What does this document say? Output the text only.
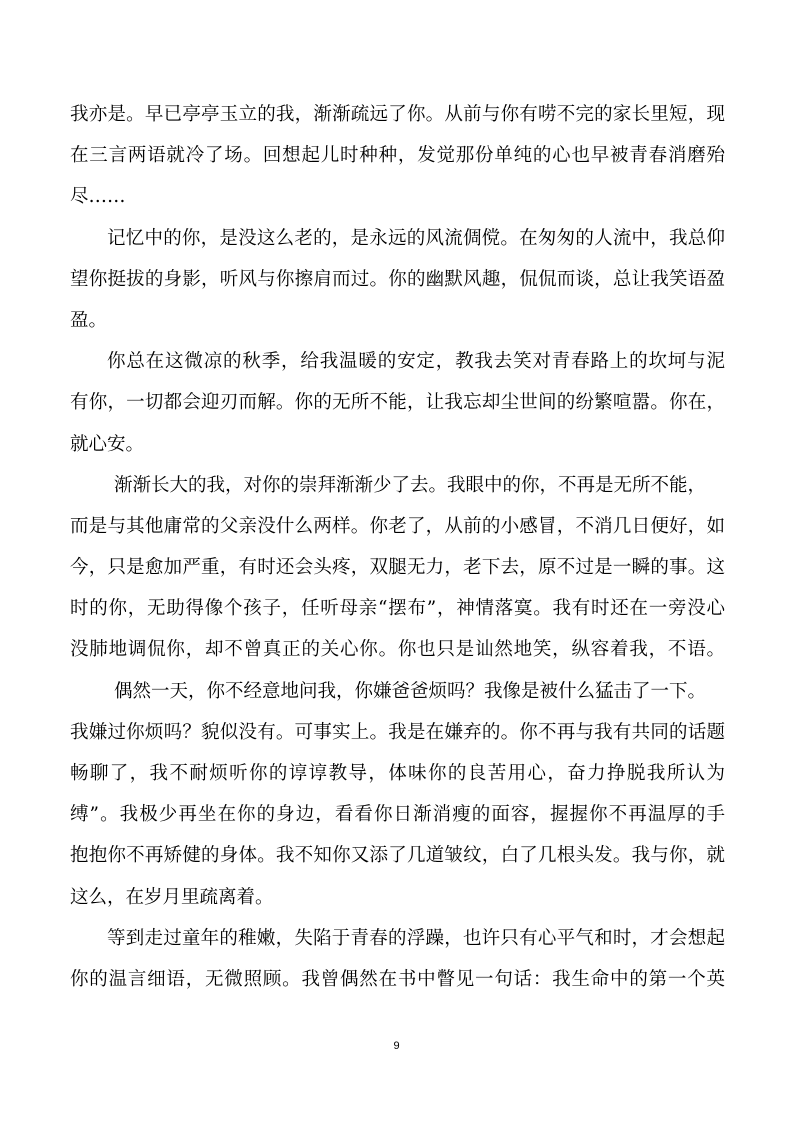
我亦是。早已亭亭玉立的我，渐渐疏远了你。从前与你有唠不完的家长里短，现
在三言两语就冷了场。回想起儿时种种，发觉那份单纯的心也早被青春消磨殆
尽……
记忆中的你，是没这么老的，是永远的风流倜傥。在匆匆的人流中，我总仰
望你挺拔的身影，听风与你擦肩而过。你的幽默风趣，侃侃而谈，总让我笑语盈
盈。
你总在这微凉的秋季，给我温暖的安定，教我去笑对青春路上的坎坷与泥
有你，一切都会迎刃而解。你的无所不能，让我忘却尘世间的纷繁喧嚣。你在，
就心安。
渐渐长大的我，对你的崇拜渐渐少了去。我眼中的你，不再是无所不能，
而是与其他庸常的父亲没什么两样。你老了，从前的小感冒，不消几日便好，如
今，只是愈加严重，有时还会头疼，双腿无力，老下去，原不过是一瞬的事。这
时的你，无助得像个孩子，任听母亲“摆布”，神情落寞。我有时还在一旁没心
没肺地调侃你，却不曾真正的关心你。你也只是讪然地笑，纵容着我，不语。
偶然一天，你不经意地问我，你嫌爸爸烦吗？我像是被什么猛击了一下。
我嫌过你烦吗？貌似没有。可事实上。我是在嫌弃的。你不再与我有共同的话题
畅聊了，我不耐烦听你的谆谆教导，体味你的良苦用心，奋力挣脱我所认为
缚”。我极少再坐在你的身边，看看你日渐消瘦的面容，握握你不再温厚的手
抱抱你不再矫健的身体。我不知你又添了几道皱纹，白了几根头发。我与你，就
这么，在岁月里疏离着。
等到走过童年的稚嫩，失陷于青春的浮躁，也许只有心平气和时，才会想起
你的温言细语，无微照顾。我曾偶然在书中瞥见一句话：我生命中的第一个英
9
